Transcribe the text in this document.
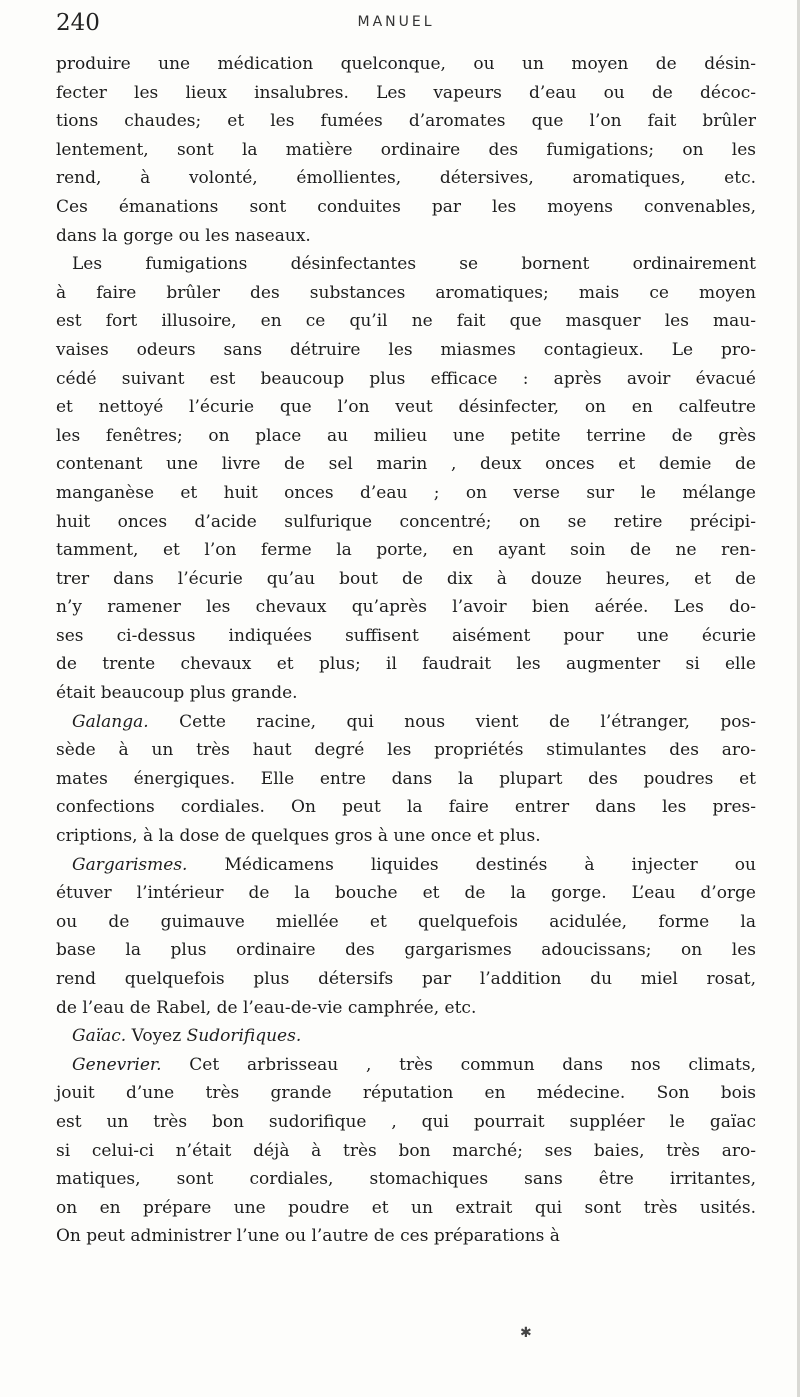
240	MANUEL
produire une médication quelconque, ou un moyen de désin-
fecter les lieux insalubres. Les vapeurs d’eau ou de décoc-
tions chaudes; et les fumées d’aromates que l’on fait brûler
lentement, sont la matière ordinaire des fumigations; on les
rend, à volonté, émollientes, détersives, aromatiques, etc.
Ces émanations sont conduites par les moyens convenables,
dans la gorge ou les naseaux.
Les fumigations désinfectantes se bornent ordinairement
à faire brûler des substances aromatiques; mais ce moyen
est fort illusoire, en ce qu’il ne fait que masquer les mau-
vaises odeurs sans détruire les miasmes contagieux. Le pro-
cédé suivant est beaucoup plus efficace : après avoir évacué
et nettoyé l’écurie que l’on veut désinfecter, on en calfeutre
les fenêtres; on place au milieu une petite terrine de grès
contenant une livre de sel marin , deux onces et demie de
manganèse et huit onces d’eau ; on verse sur le mélange
huit onces d’acide sulfurique concentré; on se retire précipi-
tamment, et l’on ferme la porte, en ayant soin de ne ren-
trer dans l’écurie qu’au bout de dix à douze heures, et de
n’y ramener les chevaux qu’après l’avoir bien aérée. Les do-
ses ci-dessus indiquées suffisent aisément pour une écurie
de trente chevaux et plus; il faudrait les augmenter si elle
était beaucoup plus grande.
Galanga. Cette racine, qui nous vient de l’étranger, pos-
sède à un très haut degré les propriétés stimulantes des aro-
mates énergiques. Elle entre dans la plupart des poudres et
confections cordiales. On peut la faire entrer dans les pres-
criptions, à la dose de quelques gros à une once et plus.
Gargarismes. Médicamens liquides destinés à injecter ou
étuver l’intérieur de la bouche et de la gorge. L’eau d’orge
ou de guimauve miellée et quelquefois acidulée, forme la
base la plus ordinaire des gargarismes adoucissans; on les
rend quelquefois plus détersifs par l’addition du miel rosat,
de l’eau de Rabel, de l’eau-de-vie camphrée, etc.
Gaïac. Voyez Sudorifiques.
Genevrier. Cet arbrisseau , très commun dans nos climats,
jouit d’une très grande réputation en médecine. Son bois
est un très bon sudorifique , qui pourrait suppléer le gaïac
si celui-ci n’était déjà à très bon marché; ses baies, très aro-
matiques, sont cordiales, stomachiques sans être irritantes,
on en prépare une poudre et un extrait qui sont très usités.
On peut administrer l’une ou l’autre de ces préparations à
✱
